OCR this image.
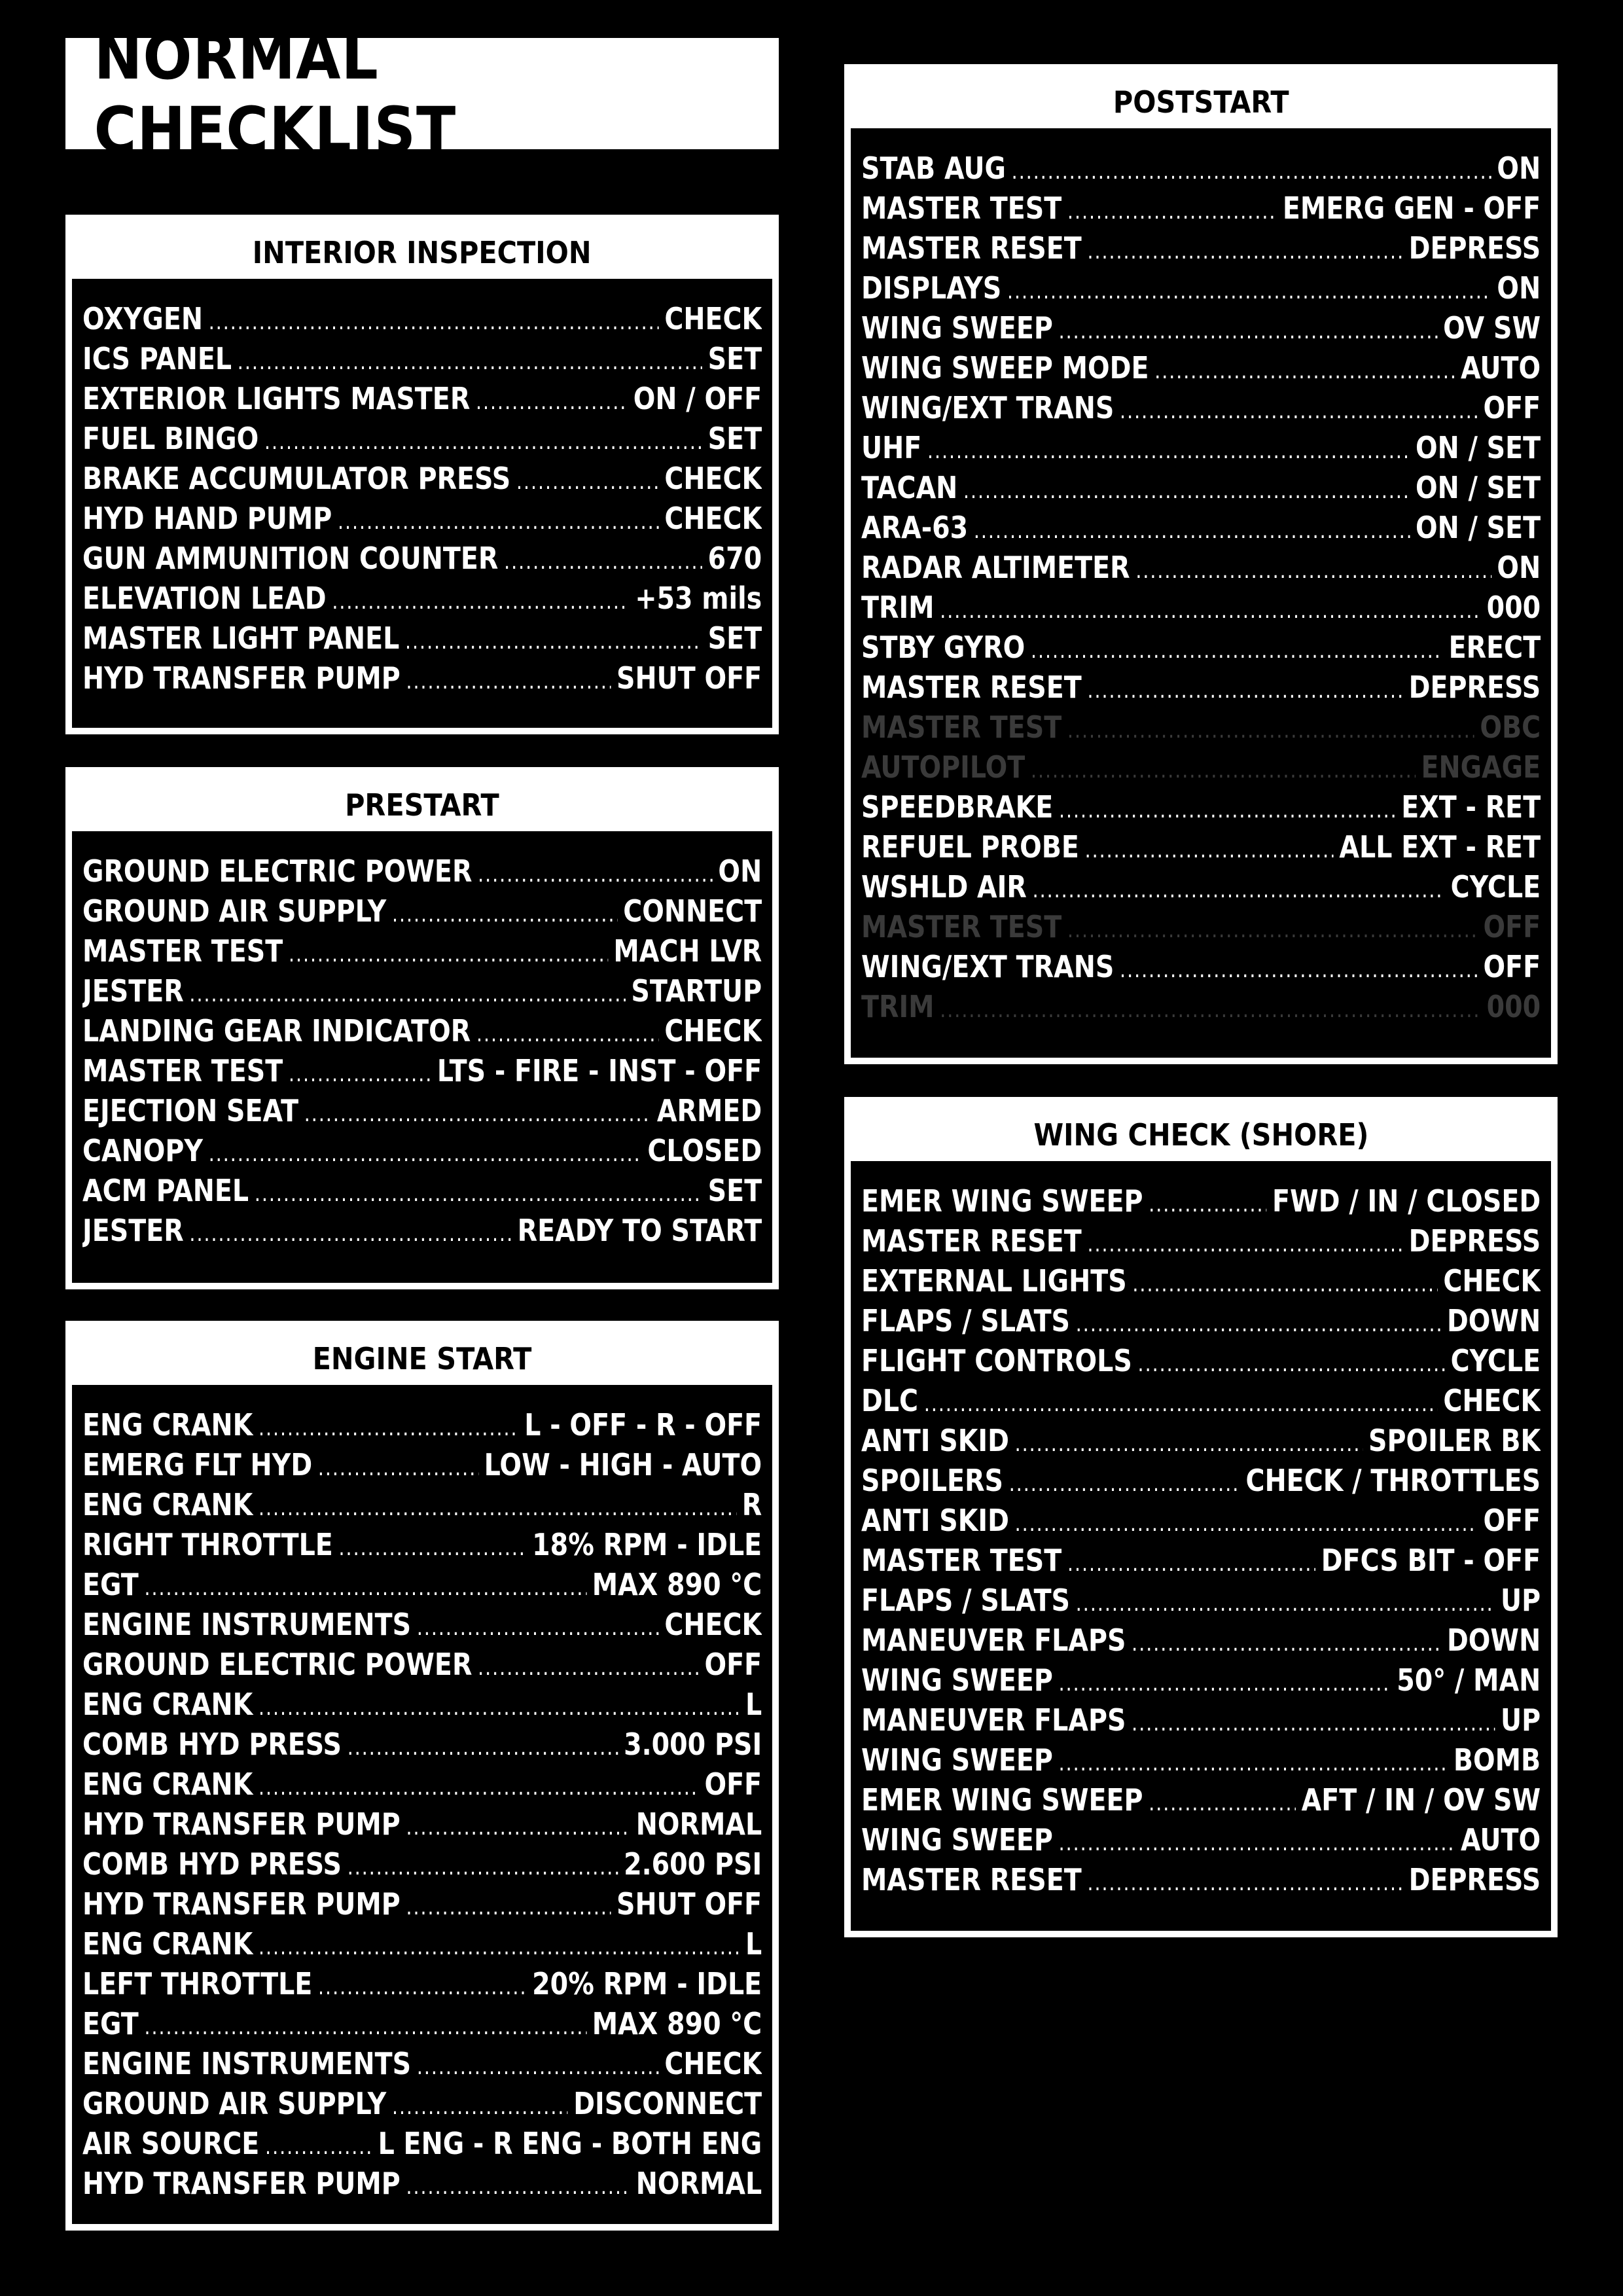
NORMAL CHECKLIST
INTERIOR INSPECTION
OXYGEN .....	CHECK
ICS PANEL .....	SET
EXTERIOR LIGHTS MASTER .....	ON / OFF
FUEL BINGO .....	SET
BRAKE ACCUMULATOR PRESS .....	CHECK
HYD HAND PUMP .....	CHECK
GUN AMMUNITION COUNTER .....	670
ELEVATION LEAD .....	+53 mils
MASTER LIGHT PANEL .....	SET
HYD TRANSFER PUMP .....	SHUT OFF
PRESTART
GROUND ELECTRIC POWER .....	ON
GROUND AIR SUPPLY .....	CONNECT
MASTER TEST .....	MACH LVR
JESTER .....	STARTUP
LANDING GEAR INDICATOR .....	CHECK
MASTER TEST .....	LTS - FIRE - INST - OFF
EJECTION SEAT .....	ARMED
CANOPY .....	CLOSED
ACM PANEL .....	SET
JESTER .....	READY TO START
ENGINE START
ENG CRANK .....	L - OFF - R - OFF
EMERG FLT HYD .....	LOW - HIGH - AUTO
ENG CRANK .....	R
RIGHT THROTTLE .....	18% RPM - IDLE
EGT .....	MAX 890 °C
ENGINE INSTRUMENTS .....	CHECK
GROUND ELECTRIC POWER .....	OFF
ENG CRANK .....	L
COMB HYD PRESS .....	3.000 PSI
ENG CRANK .....	OFF
HYD TRANSFER PUMP .....	NORMAL
COMB HYD PRESS .....	2.600 PSI
HYD TRANSFER PUMP .....	SHUT OFF
ENG CRANK .....	L
LEFT THROTTLE .....	20% RPM - IDLE
EGT .....	MAX 890 °C
ENGINE INSTRUMENTS .....	CHECK
GROUND AIR SUPPLY .....	DISCONNECT
AIR SOURCE .....	L ENG - R ENG - BOTH ENG
HYD TRANSFER PUMP .....	NORMAL
POSTSTART
STAB AUG .....	ON
MASTER TEST .....	EMERG GEN - OFF
MASTER RESET .....	DEPRESS
DISPLAYS .....	ON
WING SWEEP .....	OV SW
WING SWEEP MODE .....	AUTO
WING/EXT TRANS .....	OFF
UHF .....	ON / SET
TACAN .....	ON / SET
ARA-63 .....	ON / SET
RADAR ALTIMETER .....	ON
TRIM .....	000
STBY GYRO .....	ERECT
MASTER RESET .....	DEPRESS
MASTER TEST .....	OBC
AUTOPILOT .....	ENGAGE
SPEEDBRAKE .....	EXT - RET
REFUEL PROBE .....	ALL EXT - RET
WSHLD AIR .....	CYCLE
MASTER TEST .....	OFF
WING/EXT TRANS .....	OFF
TRIM .....	000
WING CHECK (SHORE)
EMER WING SWEEP .....	FWD / IN / CLOSED
MASTER RESET .....	DEPRESS
EXTERNAL LIGHTS .....	CHECK
FLAPS / SLATS .....	DOWN
FLIGHT CONTROLS .....	CYCLE
DLC .....	CHECK
ANTI SKID .....	SPOILER BK
SPOILERS .....	CHECK / THROTTLES
ANTI SKID .....	OFF
MASTER TEST .....	DFCS BIT - OFF
FLAPS / SLATS .....	UP
MANEUVER FLAPS .....	DOWN
WING SWEEP .....	50° / MAN
MANEUVER FLAPS .....	UP
WING SWEEP .....	BOMB
EMER WING SWEEP .....	AFT / IN / OV SW
WING SWEEP .....	AUTO
MASTER RESET .....	DEPRESS
